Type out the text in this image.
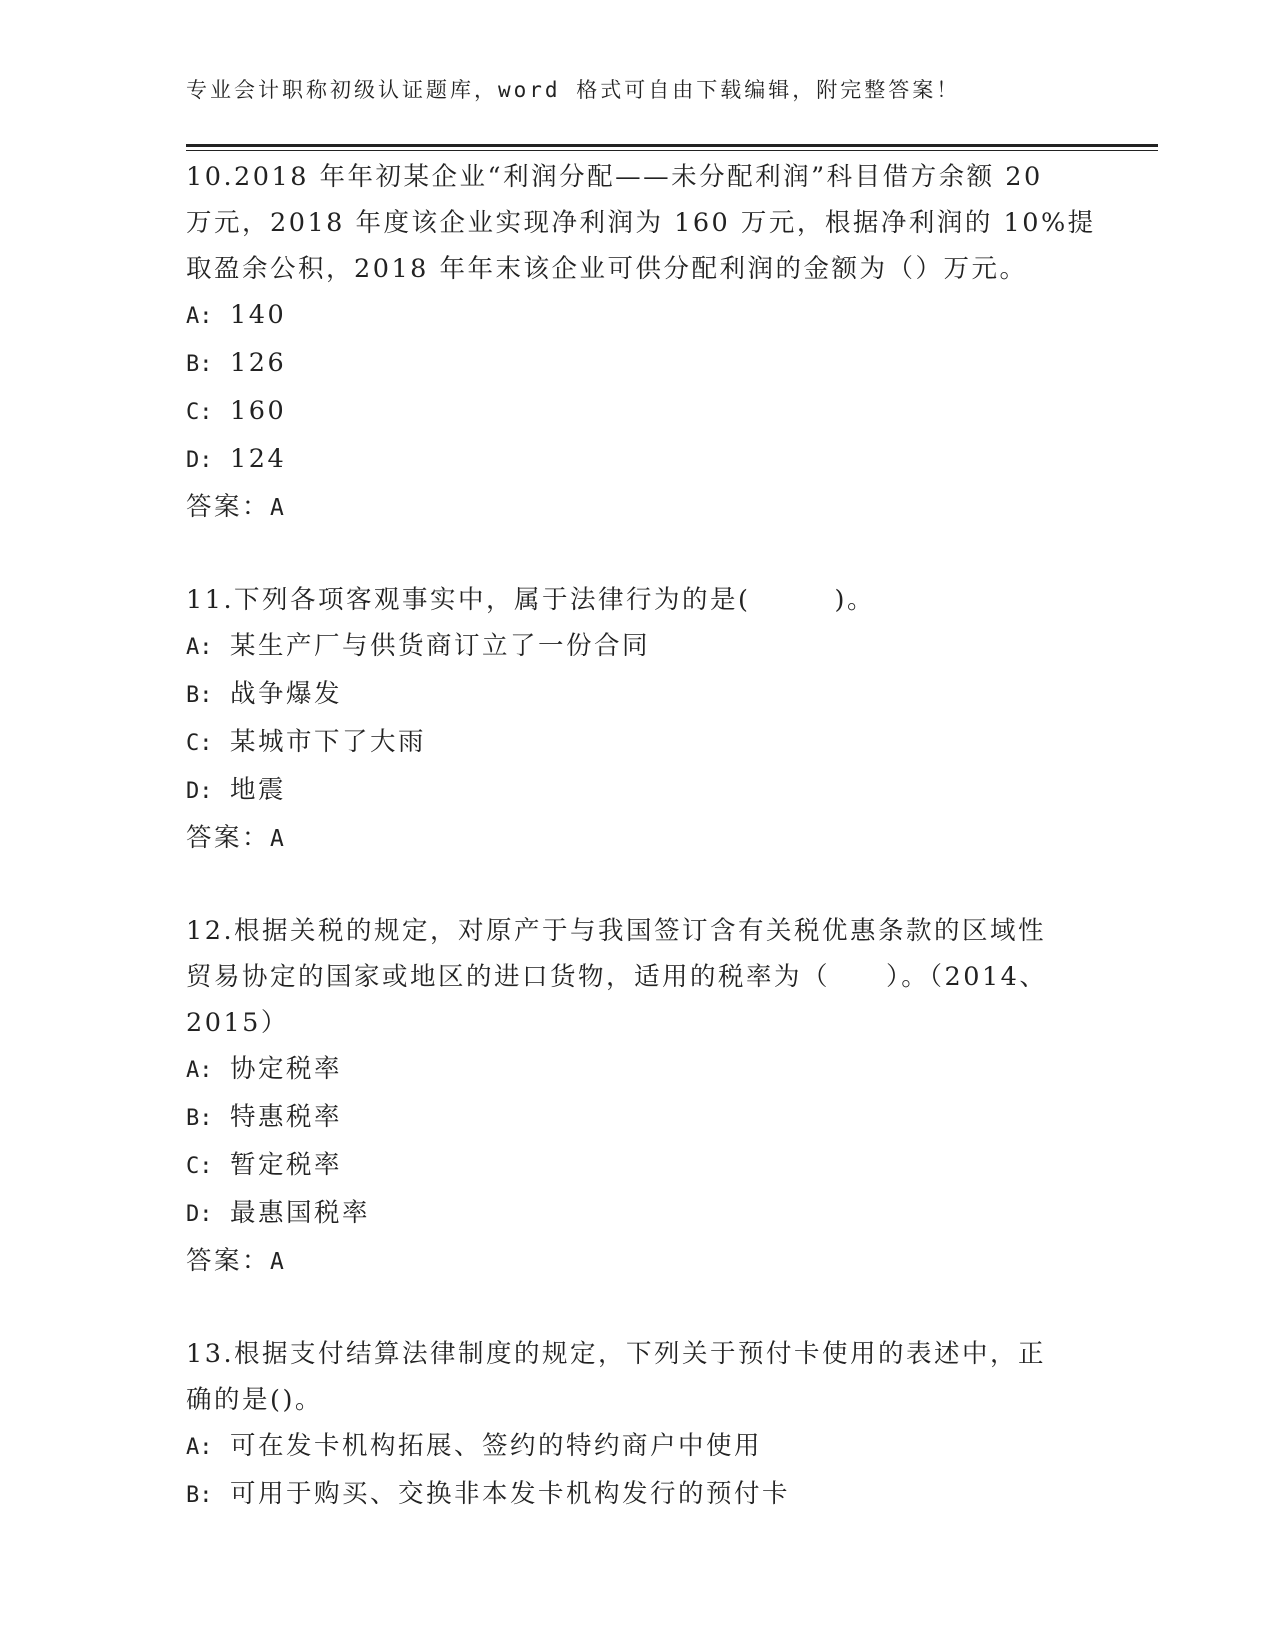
专业会计职称初级认证题库，word 格式可自由下载编辑，附完整答案！
10.2018 年年初某企业“利润分配——未分配利润”科目借方余额 20
万元，2018 年度该企业实现净利润为 160 万元，根据净利润的 10%提
取盈余公积，2018 年年末该企业可供分配利润的金额为（）万元。
A: 140
B: 126
C: 160
D: 124
答案：A
11.下列各项客观事实中，属于法律行为的是(　　　)。
A: 某生产厂与供货商订立了一份合同
B: 战争爆发
C: 某城市下了大雨
D: 地震
答案：A
12.根据关税的规定，对原产于与我国签订含有关税优惠条款的区域性
贸易协定的国家或地区的进口货物，适用的税率为（　　）。（2014、
2015）
A: 协定税率
B: 特惠税率
C: 暂定税率
D: 最惠国税率
答案：A
13.根据支付结算法律制度的规定，下列关于预付卡使用的表述中，正
确的是()。
A: 可在发卡机构拓展、签约的特约商户中使用
B: 可用于购买、交换非本发卡机构发行的预付卡
